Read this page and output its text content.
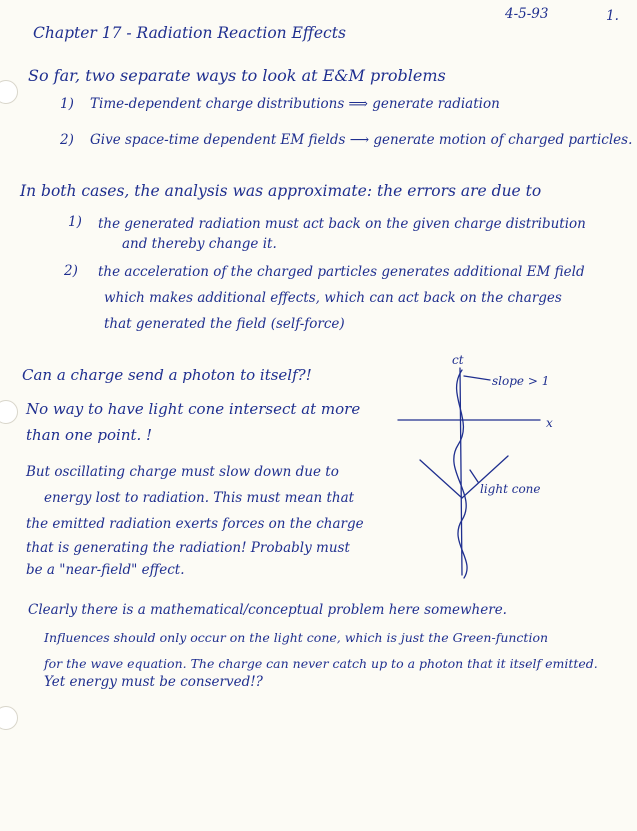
4-5-93	1.
Chapter 17 - Radiation Reaction Effects
So far, two separate ways to look at E&M problems
1) Time-dependent charge distributions ⟹ generate radiation
2) Give space-time dependent EM fields ⟶ generate motion of charged particles.
In both cases, the analysis was approximate: the errors are due to
1) the generated radiation must act back on the given charge distribution
and thereby change it.
2) the acceleration of the charged particles generates additional EM field
which makes additional effects, which can act back on the charges
that generated the field (self-force)
Can a charge send a photon to itself?!
No way to have light cone intersect at more
than one point. !
But oscillating charge must slow down due to
energy lost to radiation. This must mean that
the emitted radiation exerts forces on the charge
that is generating the radiation! Probably must
be a "near-field" effect.
ct
slope > 1
x
light cone
Clearly there is a mathematical/conceptual problem here somewhere.
Influences should only occur on the light cone, which is just the Green-function
for the wave equation. The charge can never catch up to a photon that it itself emitted.
Yet energy must be conserved!?
